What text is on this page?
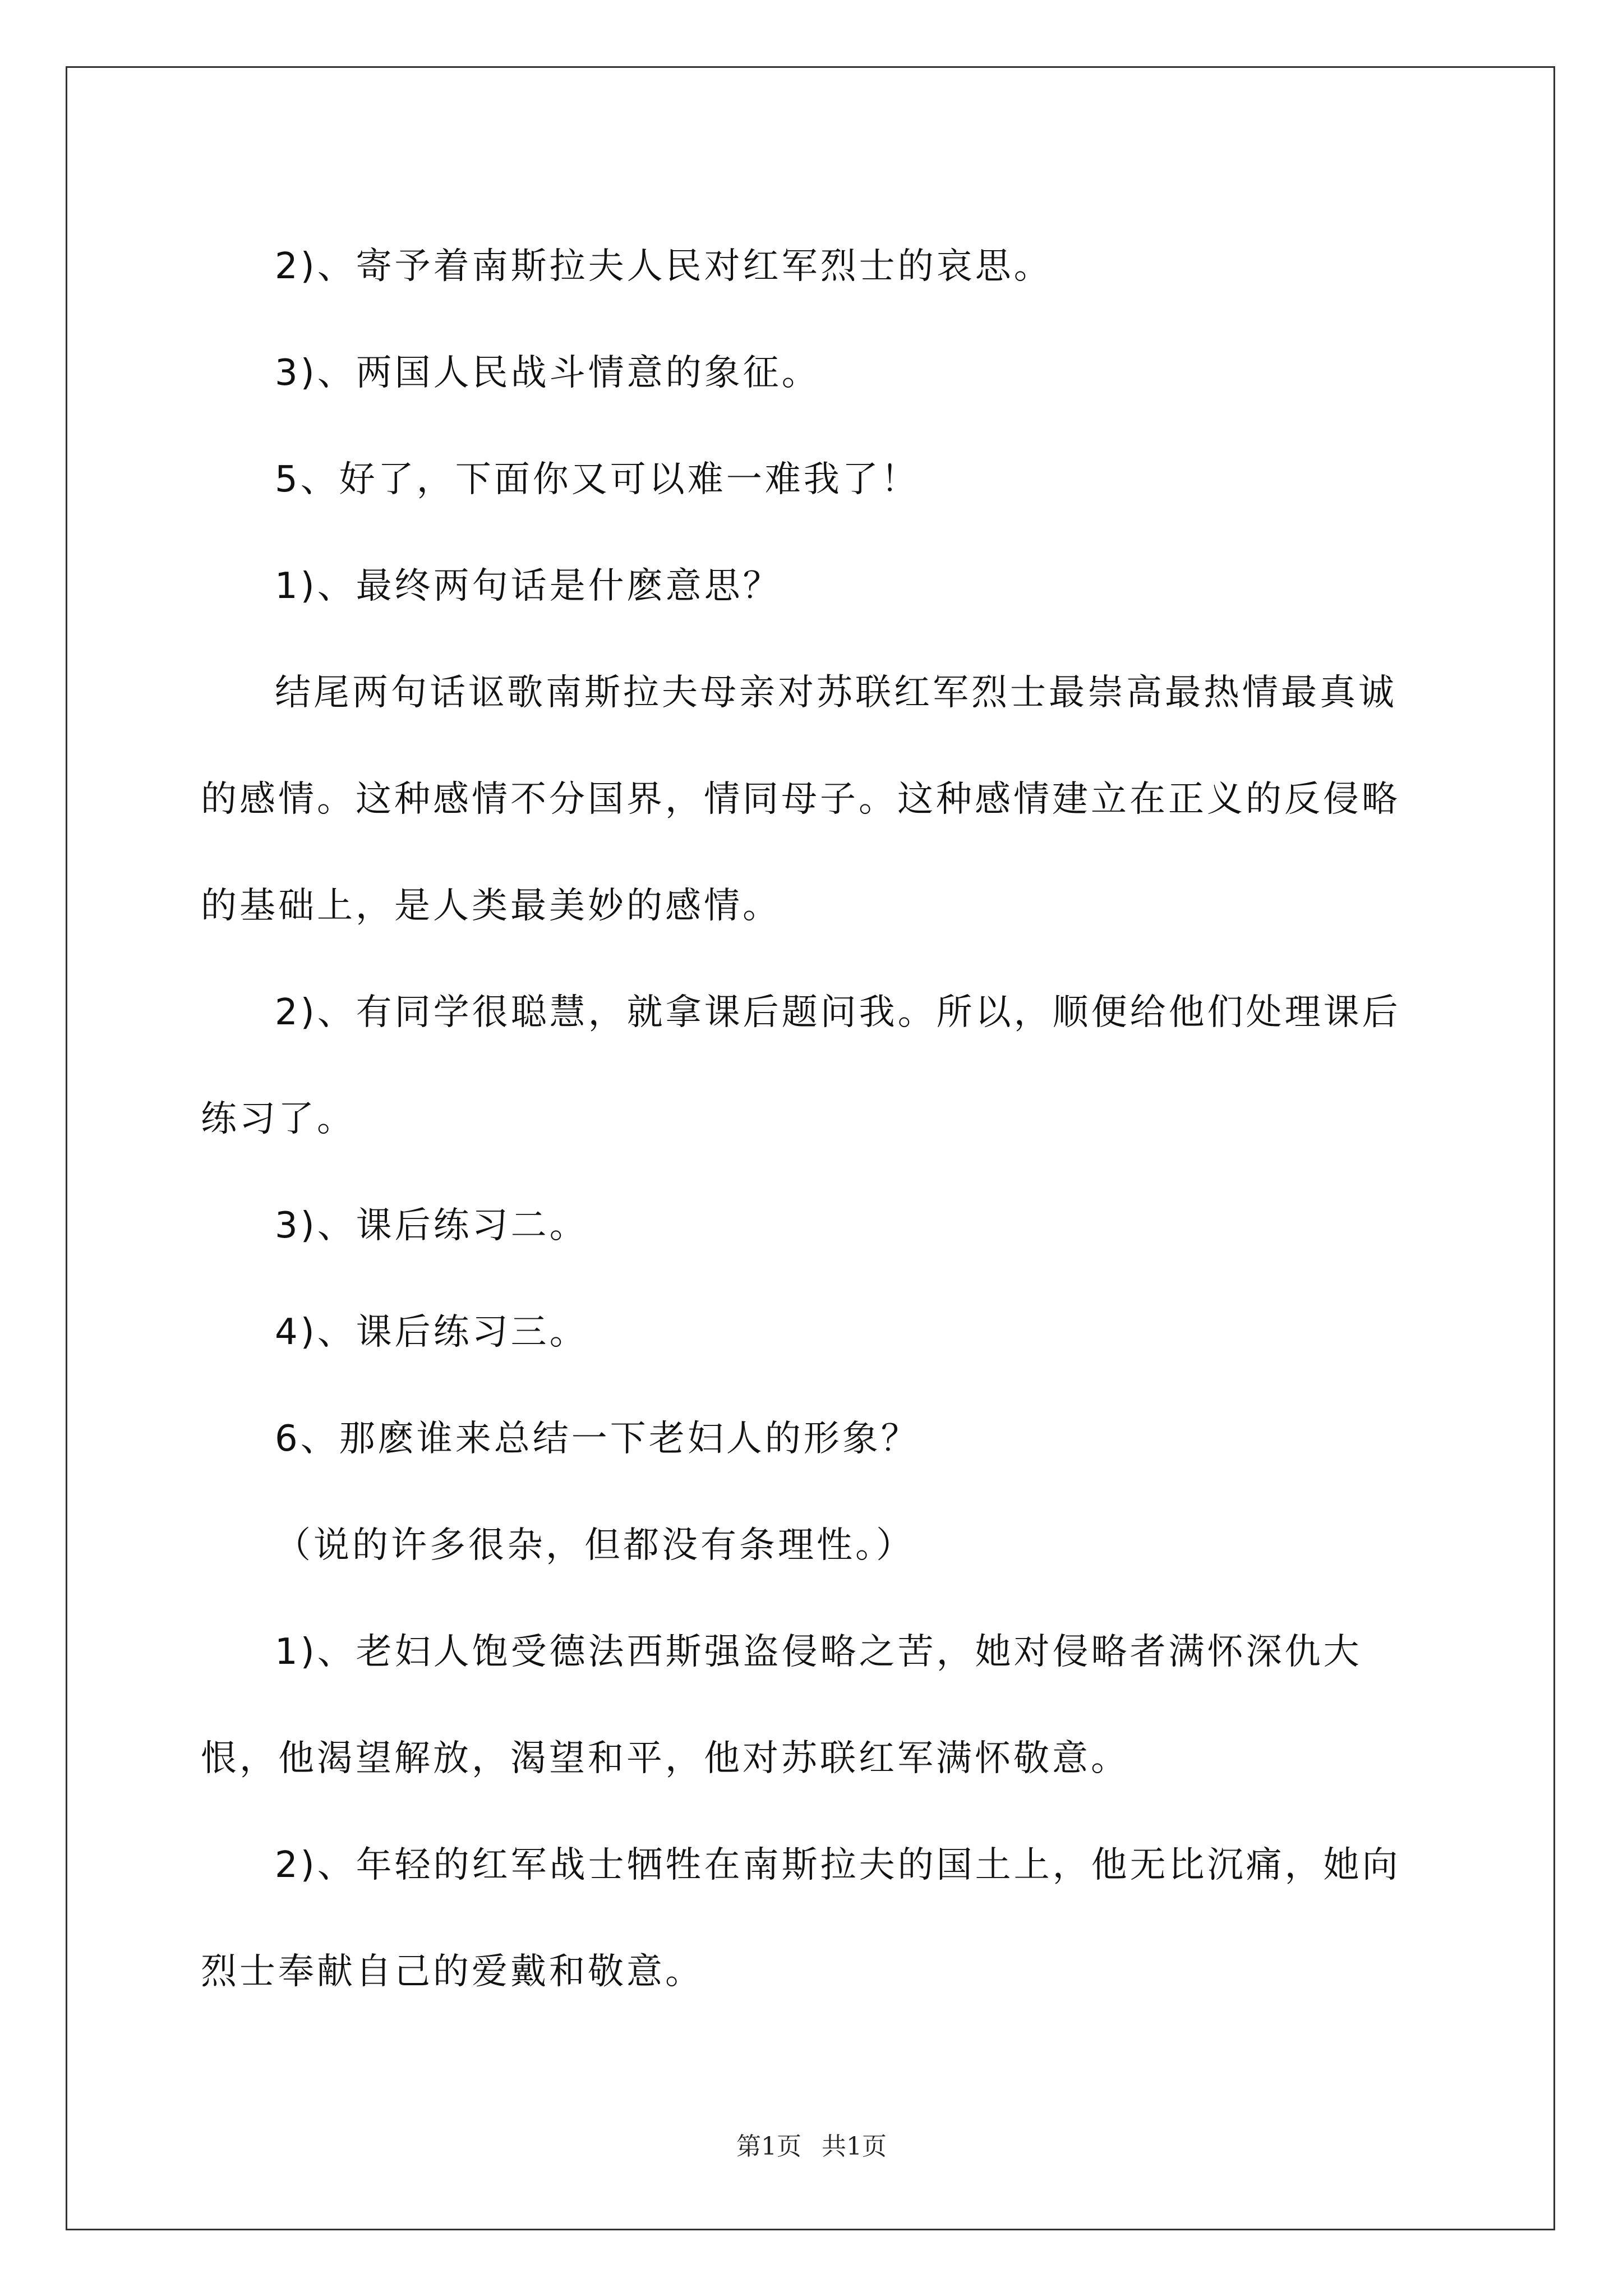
2)、寄予着南斯拉夫人民对红军烈士的哀思。

3)、两国人民战斗情意的象征。

5、好了，下面你又可以难一难我了！

1)、最终两句话是什麽意思？

结尾两句话讴歌南斯拉夫母亲对苏联红军烈士最崇高最热情最真诚的感情。这种感情不分国界，情同母子。这种感情建立在正义的反侵略的基础上，是人类最美妙的感情。

2)、有同学很聪慧，就拿课后题问我。所以，顺便给他们处理课后练习了。

3)、课后练习二。

4)、课后练习三。

6、那麽谁来总结一下老妇人的形象？

（说的许多很杂，但都没有条理性。）

1)、老妇人饱受德法西斯强盗侵略之苦，她对侵略者满怀深仇大恨，他渴望解放，渴望和平，他对苏联红军满怀敬意。

2)、年轻的红军战士牺牲在南斯拉夫的国土上，他无比沉痛，她向烈士奉献自己的爱戴和敬意。

第1页 共1页
